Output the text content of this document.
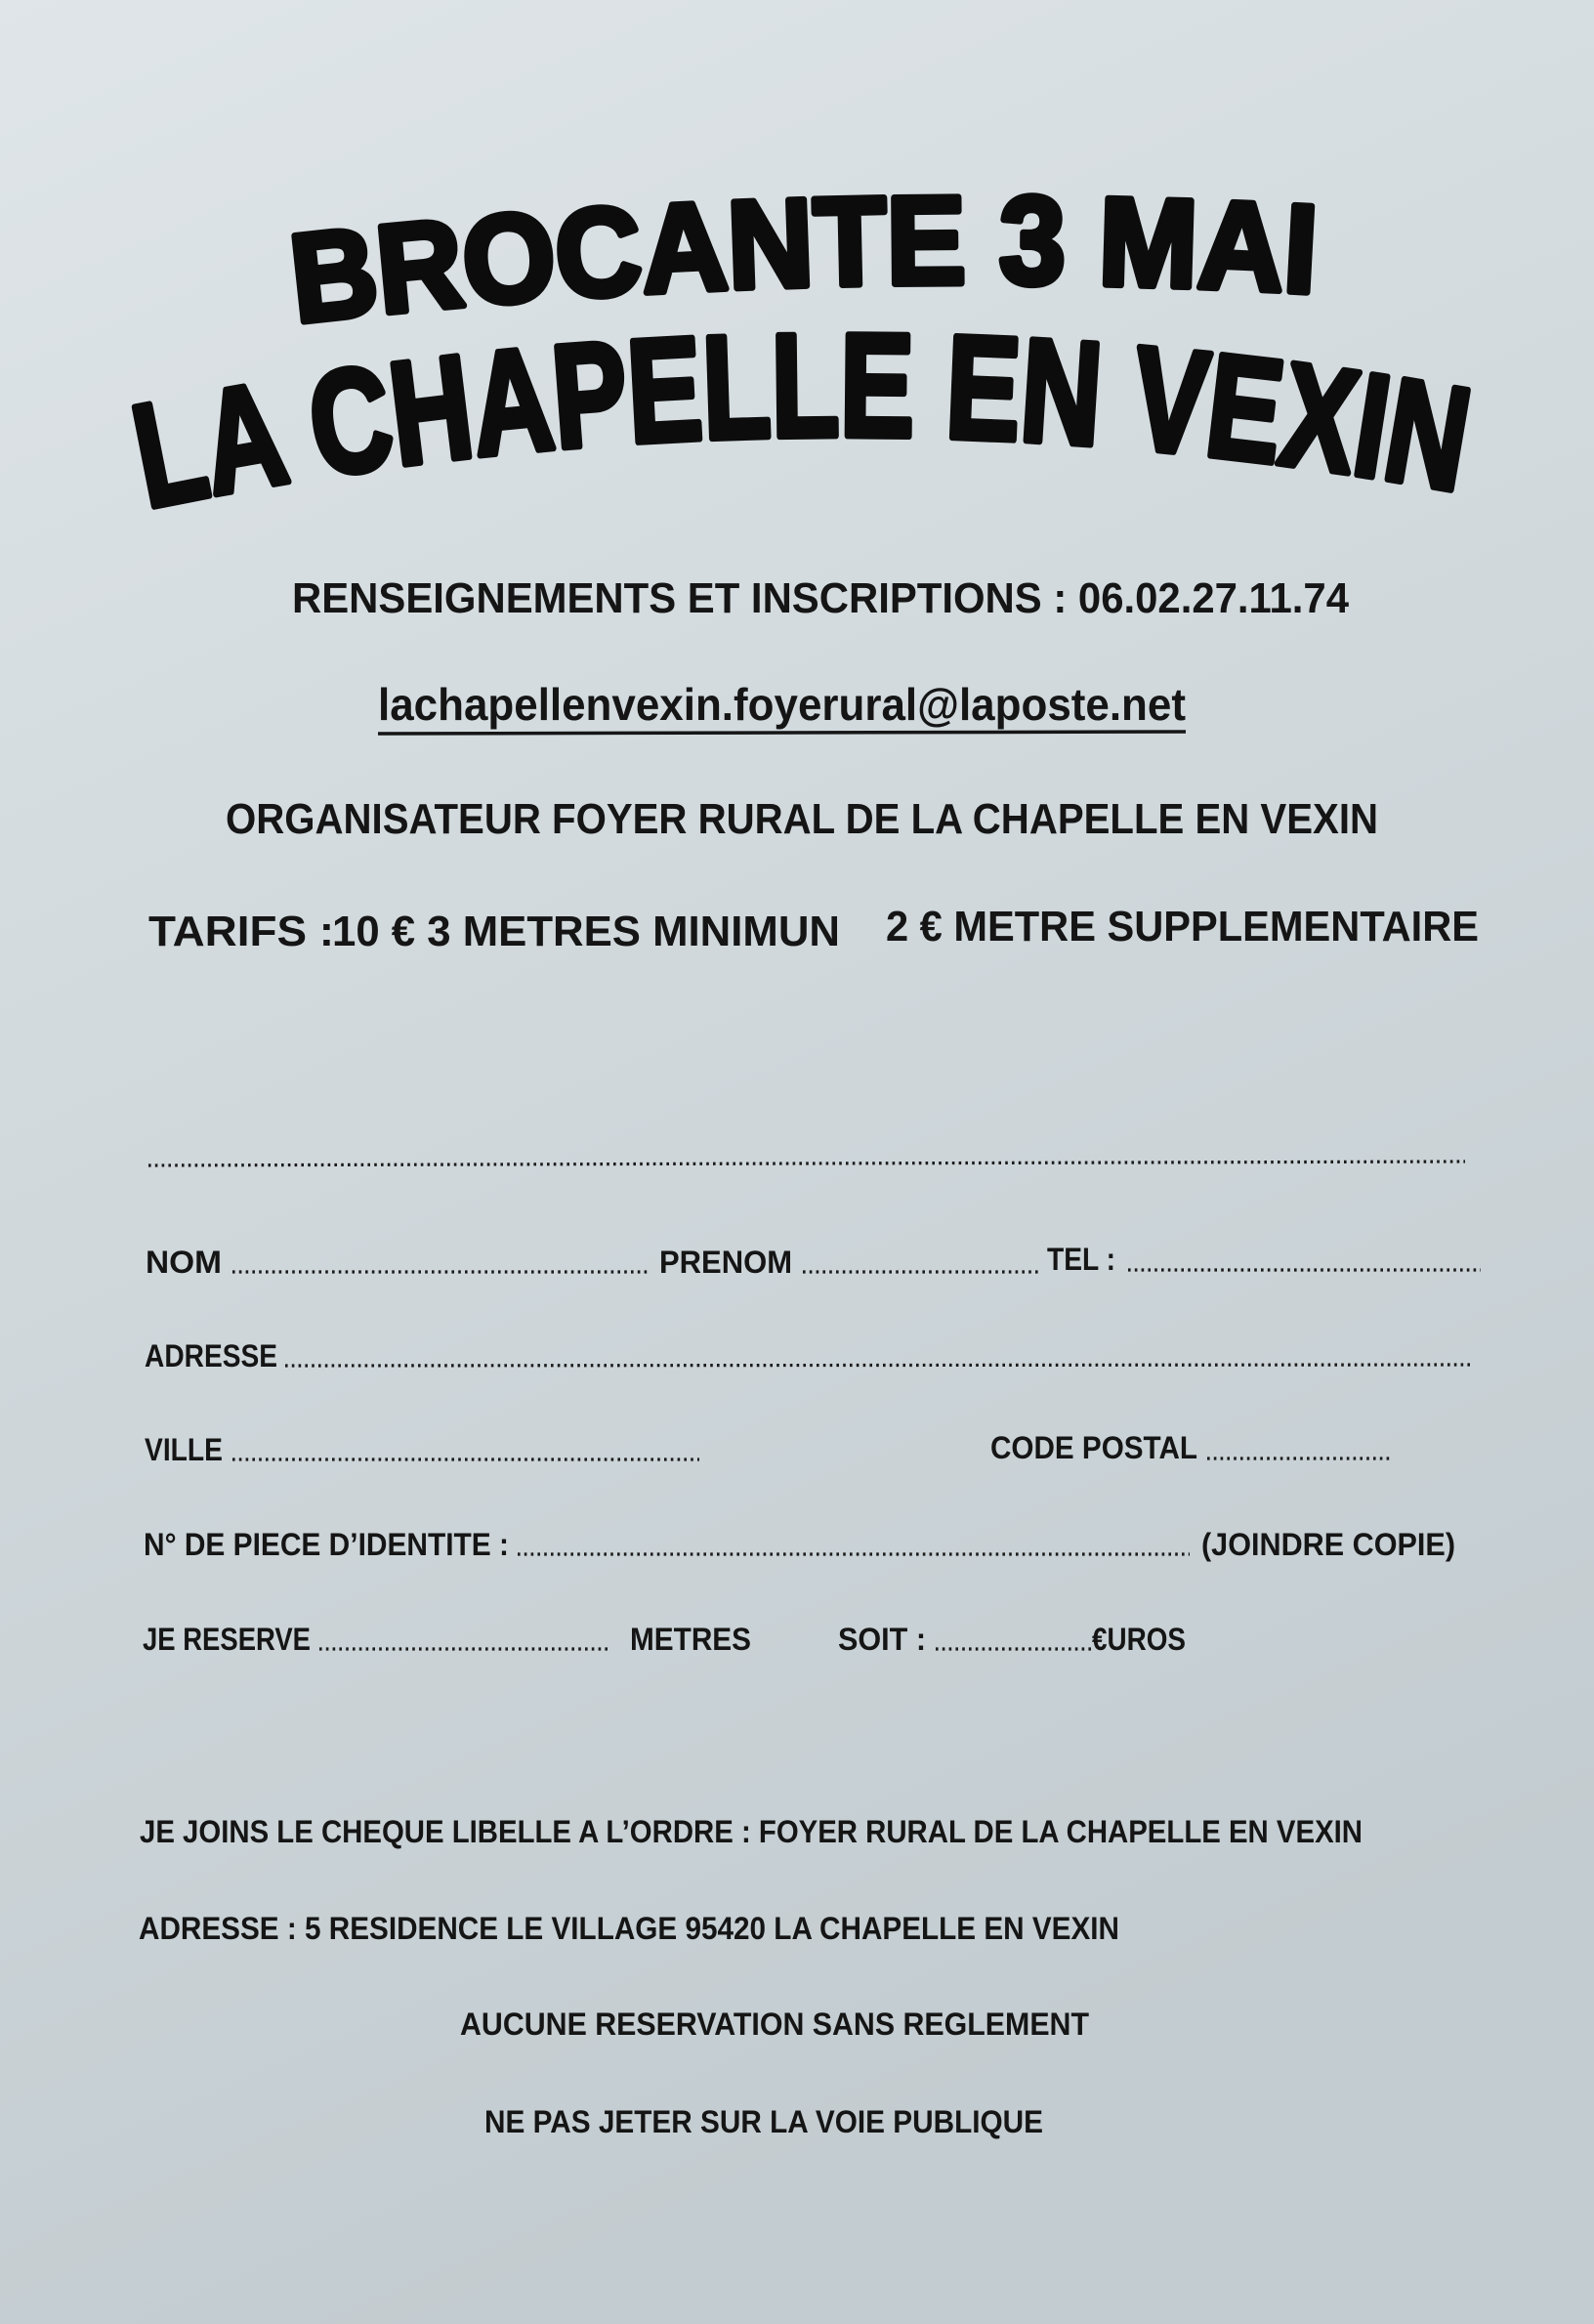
BROCANTE 3 MAI
LA CHAPELLE EN VEXIN
RENSEIGNEMENTS ET INSCRIPTIONS : 06.02.27.11.74
lachapellenvexin.foyerural@laposte.net
ORGANISATEUR FOYER RURAL DE LA CHAPELLE EN VEXIN
TARIFS :
10 € 3 METRES MINIMUN 2 € METRE SUPPLEMENTAIRE
NOM	PRENOM	TEL :
ADRESSE
VILLE	CODE POSTAL
N° DE PIECE D’IDENTITE :	(JOINDRE COPIE)
JE RESERVE	METRES	SOIT :	€UROS
JE JOINS LE CHEQUE LIBELLE A L’ORDRE : FOYER RURAL DE LA CHAPELLE EN VEXIN
ADRESSE : 5 RESIDENCE LE VILLAGE 95420 LA CHAPELLE EN VEXIN
AUCUNE RESERVATION SANS REGLEMENT
NE PAS JETER SUR LA VOIE PUBLIQUE
